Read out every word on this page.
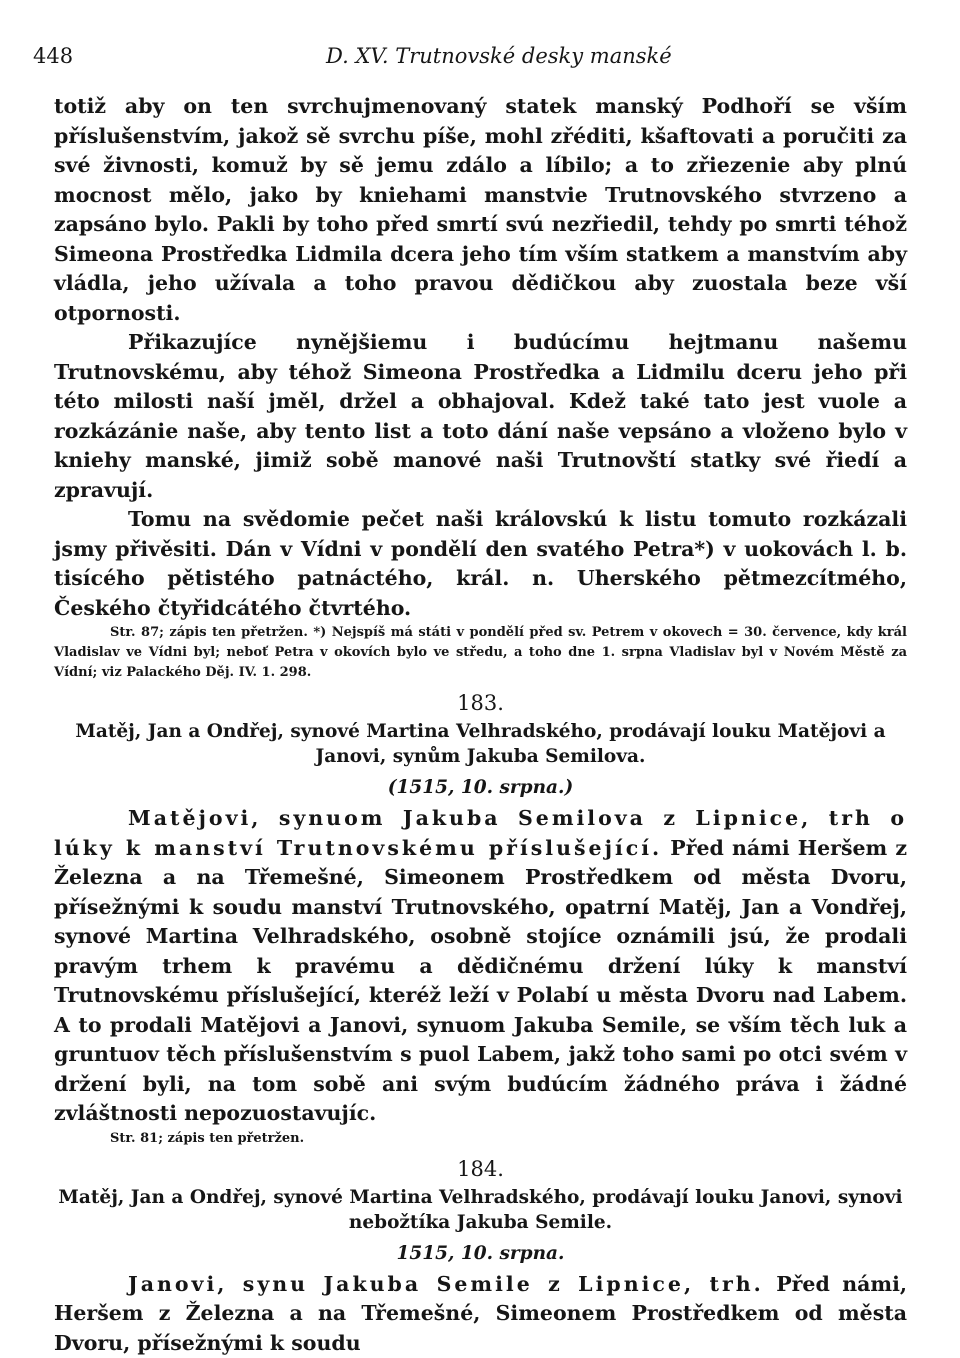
448	D. XV. Trutnovské desky manské

totiž aby on ten svrchujmenovaný statek manský Podhoří se vším příslušenstvím, jakož sě svrchu píše, mohl zřéditi, kšaftovati a poručiti za své živnosti, komuž by sě jemu zdálo a líbilo; a to zřiezenie aby plnú mocnost mělo, jako by kniehami manstvie Trutnovského stvrzeno a zapsáno bylo. Pakli by toho před smrtí svú nezřiedil, tehdy po smrti téhož Simeona Prostředka Lidmila dcera jeho tím vším statkem a manstvím aby vládla, jeho užívala a toho pravou dědičkou aby zuostala beze vší otpornosti.

Přikazujíce nynějšiemu i budúcímu hejtmanu našemu Trutnovskému, aby téhož Simeona Prostředka a Lidmilu dceru jeho při této milosti naší jměl, držel a obhajoval. Kdež také tato jest vuole a rozkázánie naše, aby tento list a toto dání naše vepsáno a vloženo bylo v kniehy manské, jimiž sobě manové naši Trutnovští statky své řiedí a zpravují.

Tomu na svědomie pečet naši královskú k listu tomuto rozkázali jsmy přivěsiti. Dán v Vídni v pondělí den svatého Petra*) v uokovách l. b. tisícého pětistého patnáctého, král. n. Uherského pětmezcítmého, Českého čtyřidcátého čtvrtého.

Str. 87; zápis ten přetržen. *) Nejspíš má státi v pondělí před sv. Petrem v okovech = 30. července, kdy král Vladislav ve Vídni byl; neboť Petra v okovích bylo ve středu, a toho dne 1. srpna Vladislav byl v Novém Městě za Vídní; viz Palackého Děj. IV. 1. 298.

183.
Matěj, Jan a Ondřej, synové Martina Velhradského, prodávají louku Matějovi a Janovi, synům Jakuba Semilova.
(1515, 10. srpna.)

Matějovi, synuom Jakuba Semilova z Lipnice, trh o lúky k manství Trutnovskému příslušející. Před námi Heršem z Železna a na Třemešné, Simeonem Prostředkem od města Dvoru, přísežnými k soudu manství Trutnovského, opatrní Matěj, Jan a Vondřej, synové Martina Velhradského, osobně stojíce oznámili jsú, že prodali pravým trhem k pravému a dědičnému držení lúky k manství Trutnovskému příslušející, kteréž leží v Polabí u města Dvoru nad Labem. A to prodali Matějovi a Janovi, synuom Jakuba Semile, se vším těch luk a gruntuov těch příslušenstvím s puol Labem, jakž toho sami po otci svém v držení byli, na tom sobě ani svým budúcím žádného práva i žádné zvláštnosti nepozuostavujíc.

Str. 81; zápis ten přetržen.

184.
Matěj, Jan a Ondřej, synové Martina Velhradského, prodávají louku Janovi, synovi nebožtíka Jakuba Semile.
1515, 10. srpna.

Janovi, synu Jakuba Semile z Lipnice, trh. Před námi, Heršem z Železna a na Třemešné, Simeonem Prostředkem od města Dvoru, přísežnými k soudu
